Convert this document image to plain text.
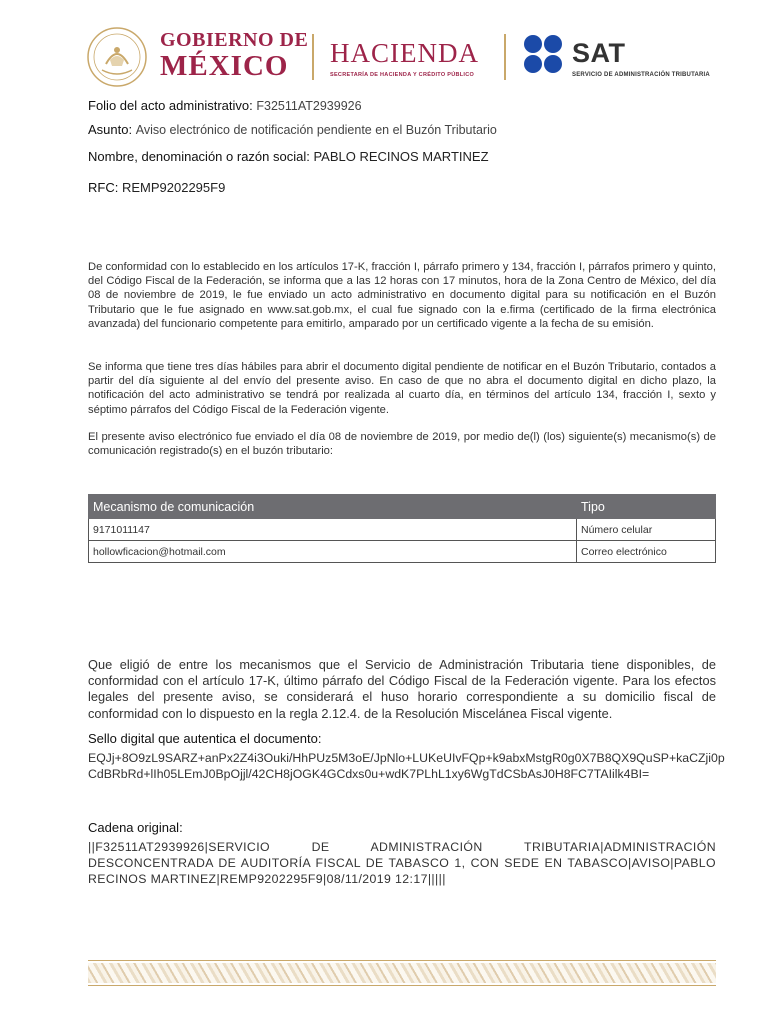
GOBIERNO DE
MÉXICO	HACIENDA
SECRETARÍA DE HACIENDA Y CRÉDITO PÚBLICO
SAT
SERVICIO DE ADMINISTRACIÓN TRIBUTARIA
Folio del acto administrativo: F32511AT2939926
Asunto: Aviso electrónico de notificación pendiente en el Buzón Tributario
Nombre, denominación o razón social: PABLO RECINOS MARTINEZ
RFC: REMP9202295F9

De conformidad con lo establecido en los artículos 17-K, fracción I, párrafo primero y 134, fracción I, párrafos primero y quinto, del Código Fiscal de la Federación, se informa que a las 12 horas con 17 minutos, hora de la Zona Centro de México, del día 08 de noviembre de 2019, le fue enviado un acto administrativo en documento digital para su notificación en el Buzón Tributario que le fue asignado en www.sat.gob.mx, el cual fue signado con la e.firma (certificado de la firma electrónica avanzada) del funcionario competente para emitirlo, amparado por un certificado vigente a la fecha de su emisión.

Se informa que tiene tres días hábiles para abrir el documento digital pendiente de notificar en el Buzón Tributario, contados a partir del día siguiente al del envío del presente aviso. En caso de que no abra el documento digital en dicho plazo, la notificación del acto administrativo se tendrá por realizada al cuarto día, en términos del artículo 134, fracción I, sexto y séptimo párrafos del Código Fiscal de la Federación vigente.

El presente aviso electrónico fue enviado el día 08 de noviembre de 2019, por medio de(l) (los) siguiente(s) mecanismo(s) de comunicación registrado(s) en el buzón tributario:

Mecanismo de comunicación	Tipo
9171011147	Número celular
hollowficacion@hotmail.com	Correo electrónico

Que eligió de entre los mecanismos que el Servicio de Administración Tributaria tiene disponibles, de conformidad con el artículo 17-K, último párrafo del Código Fiscal de la Federación vigente. Para los efectos legales del presente aviso, se considerará el huso horario correspondiente a su domicilio fiscal de conformidad con lo dispuesto en la regla 2.12.4. de la Resolución Miscelánea Fiscal vigente.

Sello digital que autentica el documento:
EQJj+8O9zL9SARZ+anPx2Z4i3Ouki/HhPUz5M3oE/JpNlo+LUKeUIvFQp+k9abxMstgR0g0X7B8QX9QuSP+kaCZji0pCdBRbRd+lIh05LEmJ0BpOjjl/42CH8jOGK4GCdxs0u+wdK7PLhL1xy6WgTdCSbAsJ0H8FC7TAIilk4BI=
Cadena original:
||F32511AT2939926|SERVICIO DE ADMINISTRACIÓN TRIBUTARIA|ADMINISTRACIÓN DESCONCENTRADA DE AUDITORÍA FISCAL DE TABASCO 1, CON SEDE EN TABASCO|AVISO|PABLO RECINOS MARTINEZ|REMP9202295F9|08/11/2019 12:17|||||
